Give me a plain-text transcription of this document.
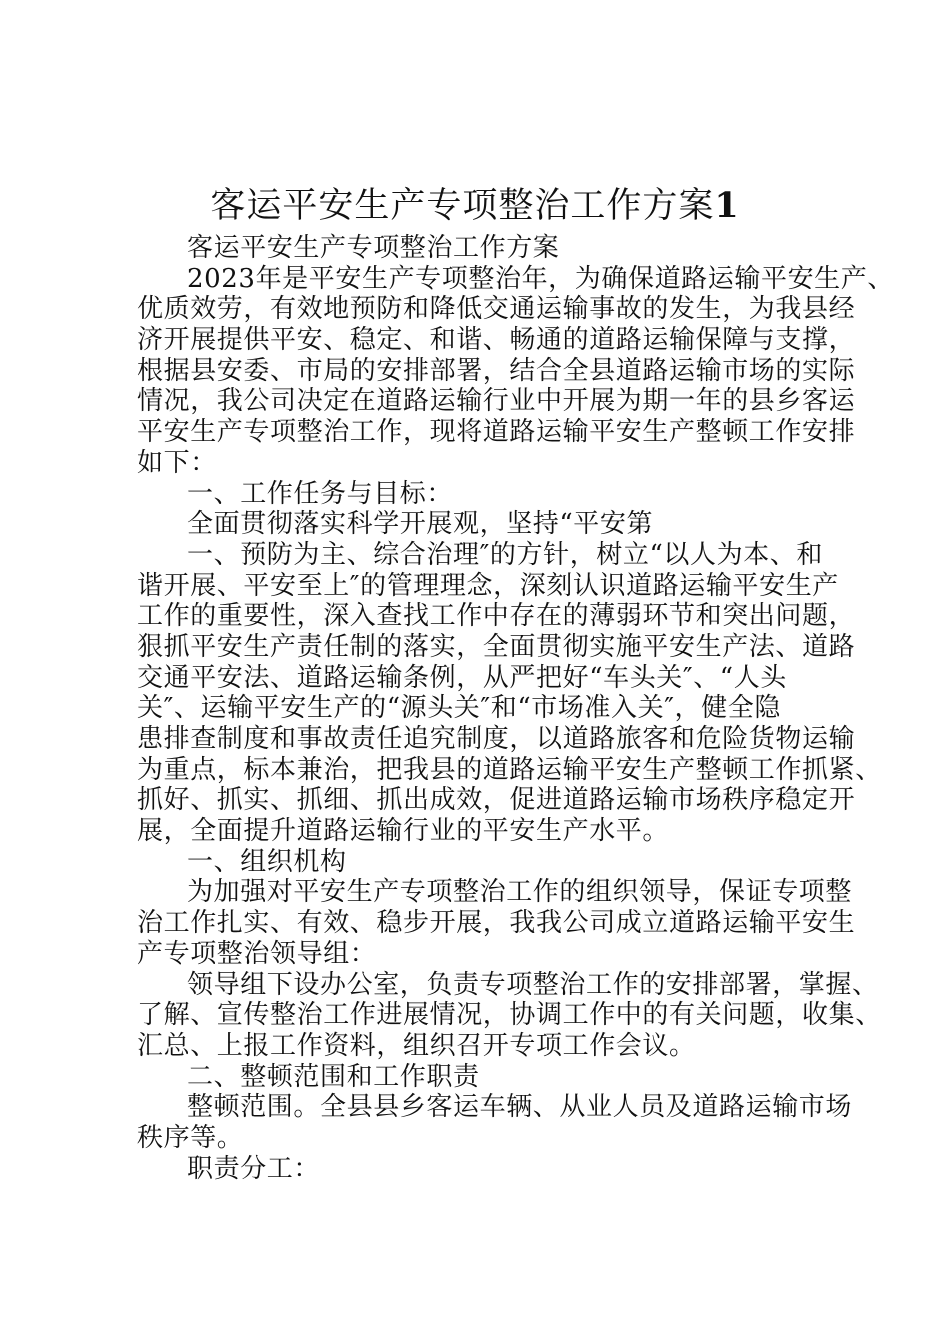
客运平安生产专项整治工作方案1
客运平安生产专项整治工作方案
2023年是平安生产专项整治年，为确保道路运输平安生产、
优质效劳，有效地预防和降低交通运输事故的发生，为我县经
济开展提供平安、稳定、和谐、畅通的道路运输保障与支撑，
根据县安委、市局的安排部署，结合全县道路运输市场的实际
情况，我公司决定在道路运输行业中开展为期一年的县乡客运
平安生产专项整治工作，现将道路运输平安生产整顿工作安排
如下：
一、工作任务与目标：
全面贯彻落实科学开展观，坚持“平安第
一、预防为主、综合治理″的方针，树立“以人为本、和
谐开展、平安至上″的管理理念，深刻认识道路运输平安生产
工作的重要性，深入查找工作中存在的薄弱环节和突出问题，
狠抓平安生产责任制的落实，全面贯彻实施平安生产法、道路
交通平安法、道路运输条例，从严把好“车头关″、“人头
关″、运输平安生产的“源头关″和“市场准入关″，健全隐
患排查制度和事故责任追究制度，以道路旅客和危险货物运输
为重点，标本兼治，把我县的道路运输平安生产整顿工作抓紧、
抓好、抓实、抓细、抓出成效，促进道路运输市场秩序稳定开
展，全面提升道路运输行业的平安生产水平。
一、组织机构
为加强对平安生产专项整治工作的组织领导，保证专项整
治工作扎实、有效、稳步开展，我我公司成立道路运输平安生
产专项整治领导组：
领导组下设办公室，负责专项整治工作的安排部署，掌握、
了解、宣传整治工作进展情况，协调工作中的有关问题，收集、
汇总、上报工作资料，组织召开专项工作会议。
二、整顿范围和工作职责
整顿范围。全县县乡客运车辆、从业人员及道路运输市场
秩序等。
职责分工：
